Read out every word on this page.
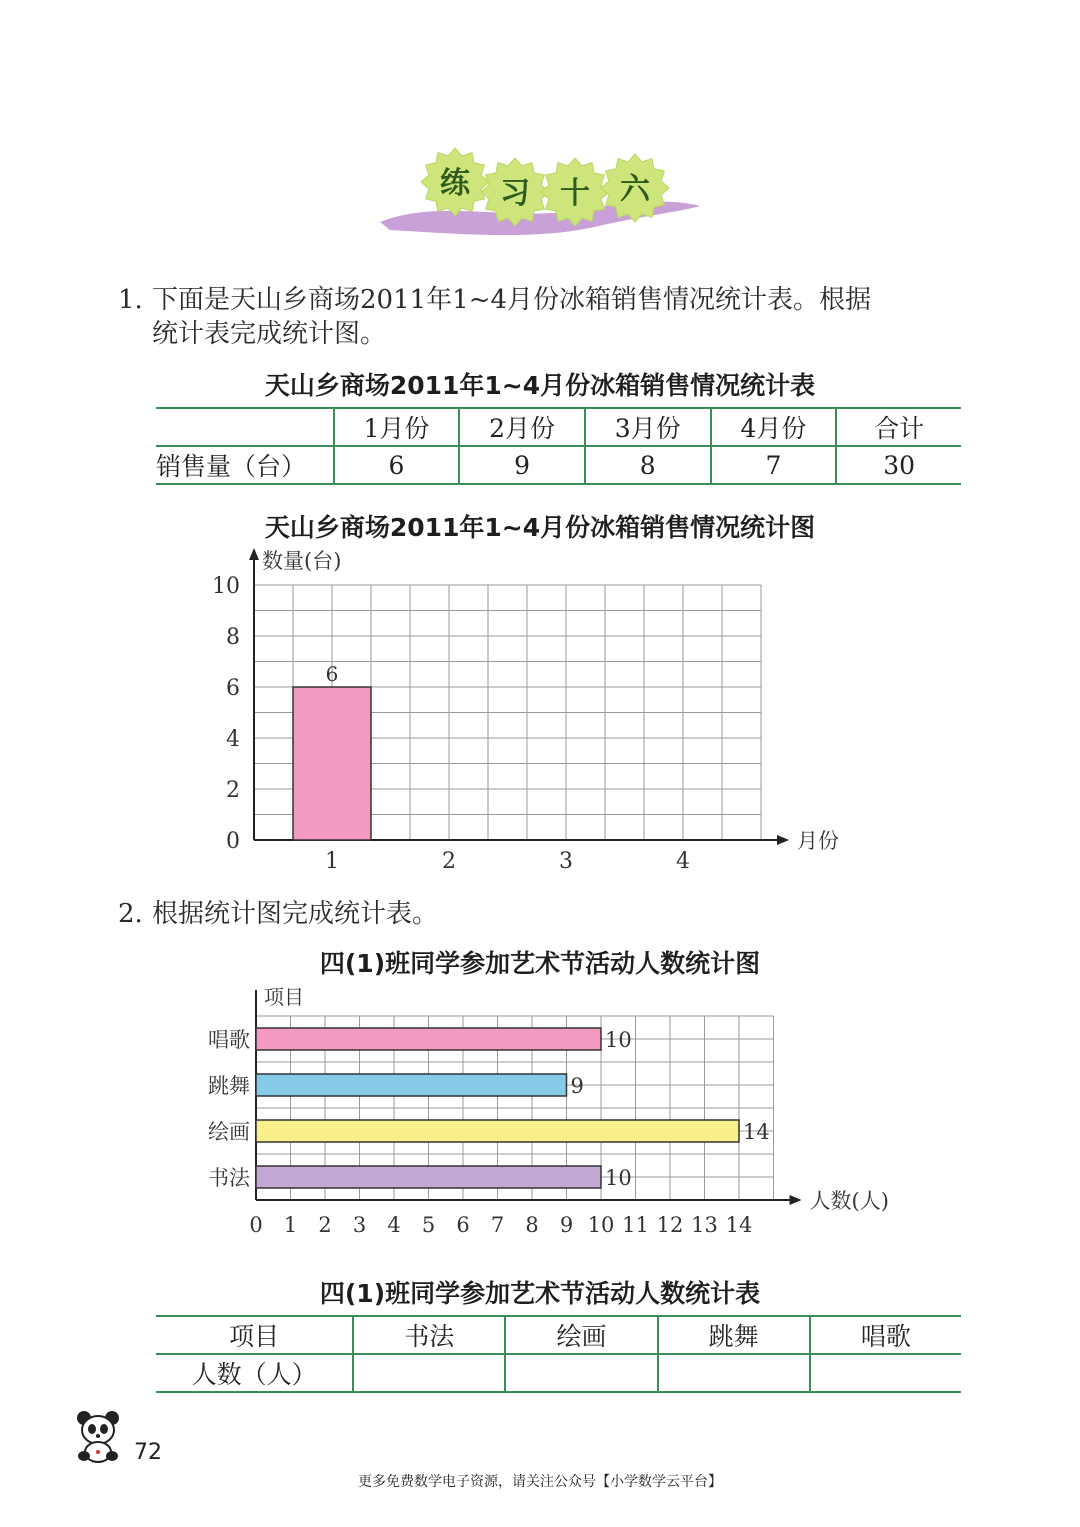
练 习 十 六
1. 下面是天山乡商场2011年1~4月份冰箱销售情况统计表。根据
统计表完成统计图。
天山乡商场2011年1~4月份冰箱销售情况统计表
	1月份	2月份	3月份	4月份	合计
销售量（台）	6	9	8	7	30
天山乡商场2011年1~4月份冰箱销售情况统计图
0
2
4
6
8
10
数量(台)
月份
1
6
2	3	4
2. 根据统计图完成统计表。
四(1)班同学参加艺术节活动人数统计图
项目
人数(人)
0 1 2 3 4 5 6 7 8 9 10 11 12 13 14
唱歌	10
跳舞	9
绘画	14
书法	10
四(1)班同学参加艺术节活动人数统计表
项目	书法	绘画	跳舞	唱歌
人数（人）				
72
更多免费数学电子资源，请关注公众号【小学数学云平台】
